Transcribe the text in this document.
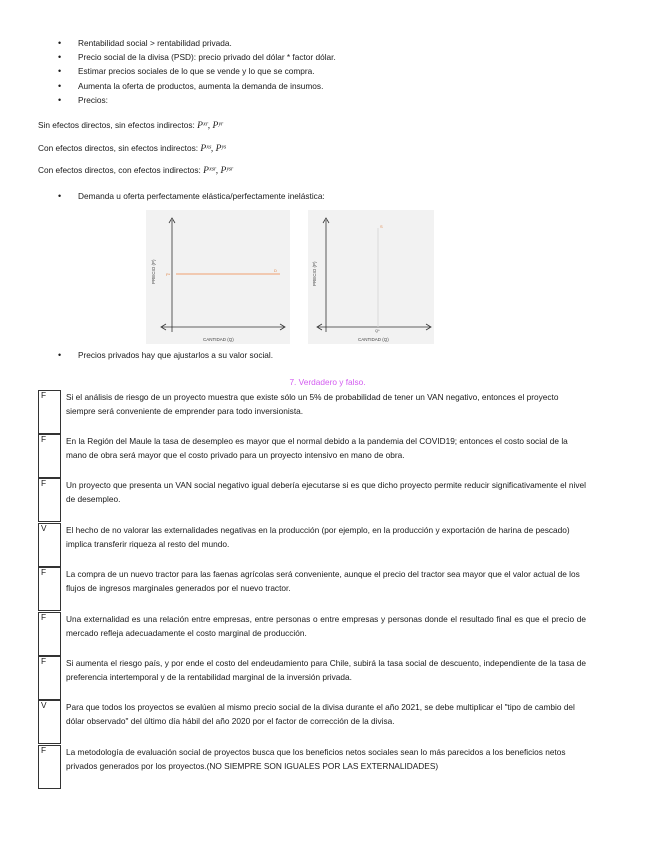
• Rentabilidad social > rentabilidad privada.
• Precio social de la divisa (PSD): precio privado del dólar * factor dólar.
• Estimar precios sociales de lo que se vende y lo que se compra.
• Aumenta la oferta de productos, aumenta la demanda de insumos.
• Precios:
Sin efectos directos, sin efectos indirectos: Pˣʳ, Pʸʳ
Con efectos directos, sin efectos indirectos: Pˣˢ, Pʸˢ
Con efectos directos, con efectos indirectos: Pˣˢʳ, Pʸˢʳ
• Demanda u oferta perfectamente elástica/perfectamente inelástica:
P*
D
PRECIO (P)
CANTIDAD (Q)
S
Q*
PRECIO (P)
CANTIDAD (Q)
• Precios privados hay que ajustarlos a su valor social.
7. Verdadero y falso.
F Si el análisis de riesgo de un proyecto muestra que existe sólo un 5% de probabilidad de tener un VAN negativo, entonces el proyecto siempre será conveniente de emprender para todo inversionista.
F En la Región del Maule la tasa de desempleo es mayor que el normal debido a la pandemia del COVID19; entonces el costo social de la mano de obra será mayor que el costo privado para un proyecto intensivo en mano de obra.
F Un proyecto que presenta un VAN social negativo igual debería ejecutarse si es que dicho proyecto permite reducir significativamente el nivel de desempleo.
V El hecho de no valorar las externalidades negativas en la producción (por ejemplo, en la producción y exportación de harina de pescado) implica transferir riqueza al resto del mundo.
F La compra de un nuevo tractor para las faenas agrícolas será conveniente, aunque el precio del tractor sea mayor que el valor actual de los flujos de ingresos marginales generados por el nuevo tractor.
F Una externalidad es una relación entre empresas, entre personas o entre empresas y personas donde el resultado final es que el precio de mercado refleja adecuadamente el costo marginal de producción.
F Si aumenta el riesgo país, y por ende el costo del endeudamiento para Chile, subirá la tasa social de descuento, independiente de la tasa de preferencia intertemporal y de la rentabilidad marginal de la inversión privada.
V Para que todos los proyectos se evalúen al mismo precio social de la divisa durante el año 2021, se debe multiplicar el "tipo de cambio del dólar observado" del último día hábil del año 2020 por el factor de corrección de la divisa.
F La metodología de evaluación social de proyectos busca que los beneficios netos sociales sean lo más parecidos a los beneficios netos privados generados por los proyectos.(NO SIEMPRE SON IGUALES POR LAS EXTERNALIDADES)
